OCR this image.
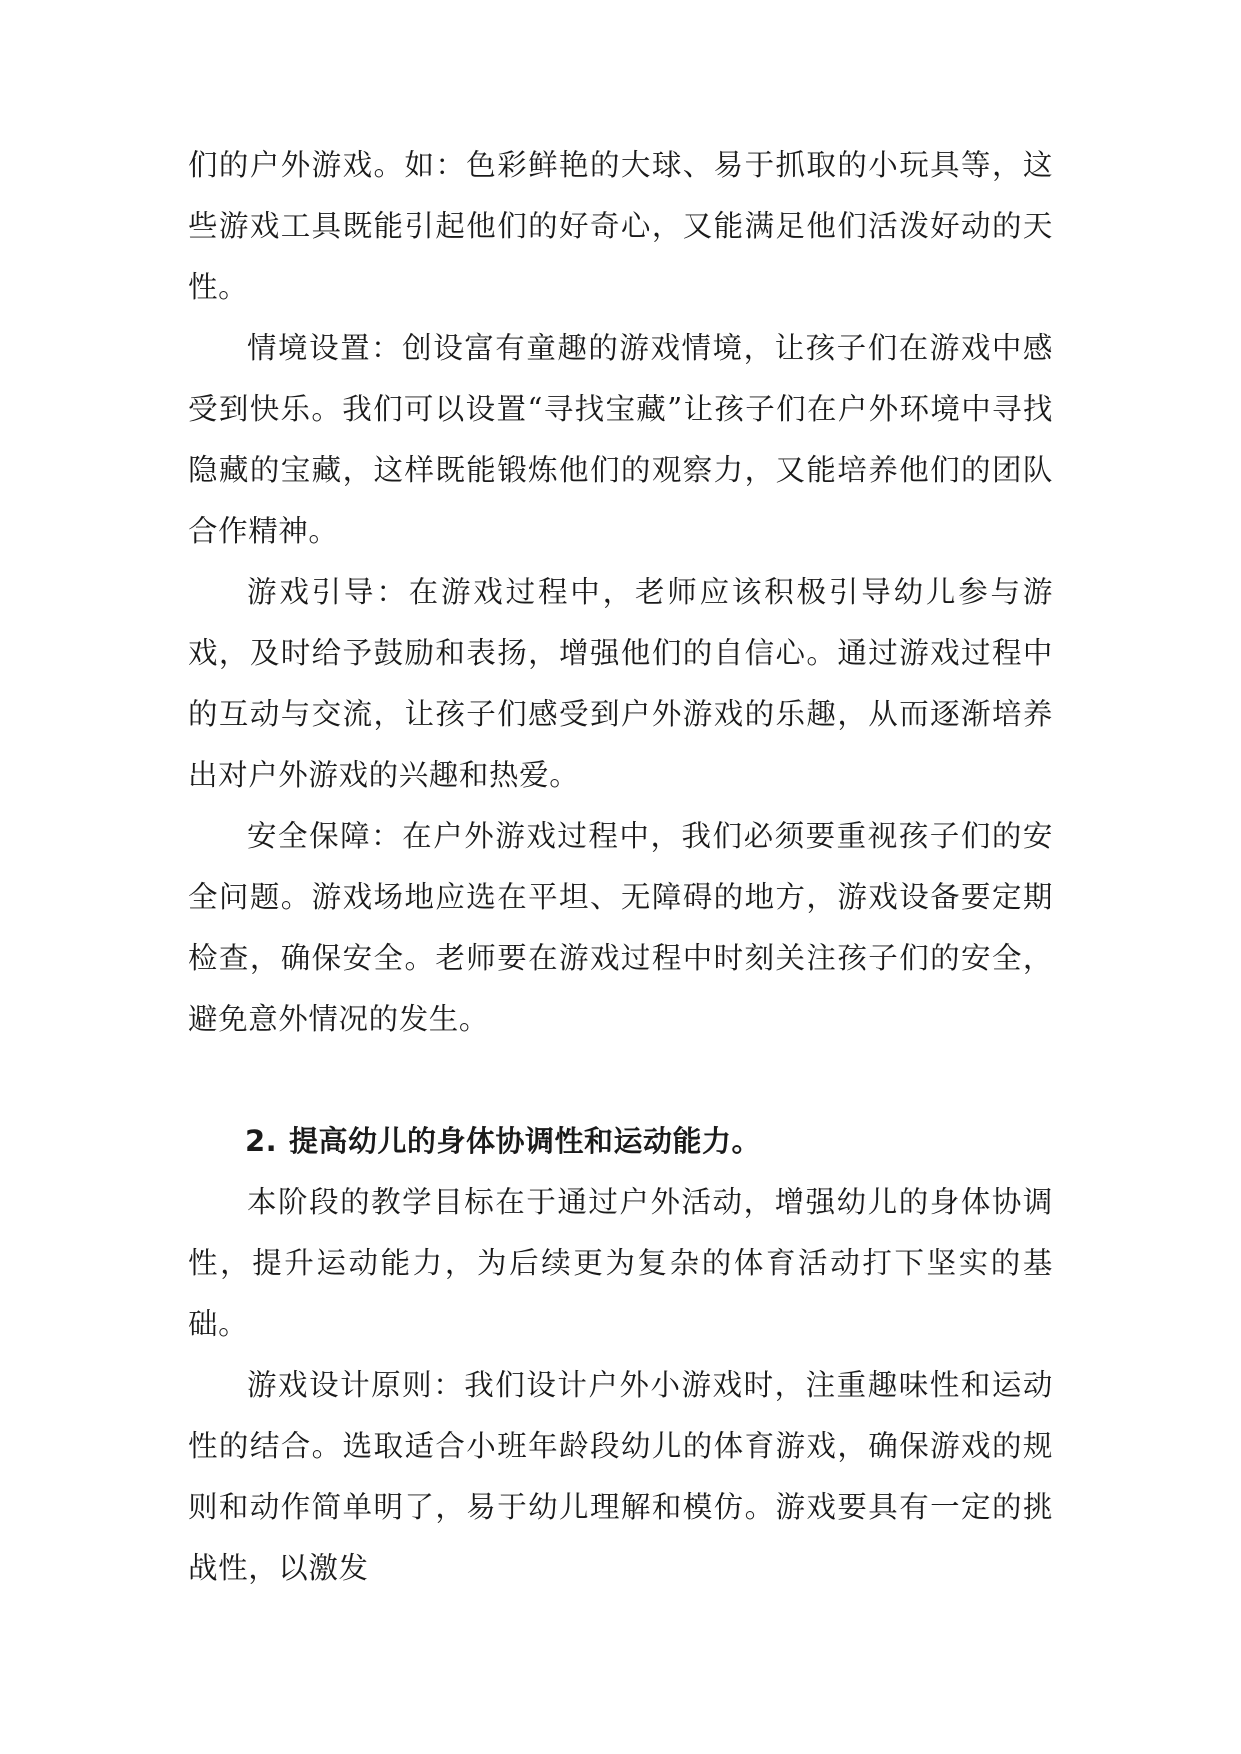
们的户外游戏。如：色彩鲜艳的大球、易于抓取的小玩具等，这些游戏工具既能引起他们的好奇心，又能满足他们活泼好动的天性。

情境设置：创设富有童趣的游戏情境，让孩子们在游戏中感受到快乐。我们可以设置“寻找宝藏”让孩子们在户外环境中寻找隐藏的宝藏，这样既能锻炼他们的观察力，又能培养他们的团队合作精神。

游戏引导：在游戏过程中，老师应该积极引导幼儿参与游戏，及时给予鼓励和表扬，增强他们的自信心。通过游戏过程中的互动与交流，让孩子们感受到户外游戏的乐趣，从而逐渐培养出对户外游戏的兴趣和热爱。

安全保障：在户外游戏过程中，我们必须要重视孩子们的安全问题。游戏场地应选在平坦、无障碍的地方，游戏设备要定期检查，确保安全。老师要在游戏过程中时刻关注孩子们的安全，避免意外情况的发生。

2. 提高幼儿的身体协调性和运动能力。

本阶段的教学目标在于通过户外活动，增强幼儿的身体协调性，提升运动能力，为后续更为复杂的体育活动打下坚实的基础。

游戏设计原则：我们设计户外小游戏时，注重趣味性和运动性的结合。选取适合小班年龄段幼儿的体育游戏，确保游戏的规则和动作简单明了，易于幼儿理解和模仿。游戏要具有一定的挑战性，以激发
